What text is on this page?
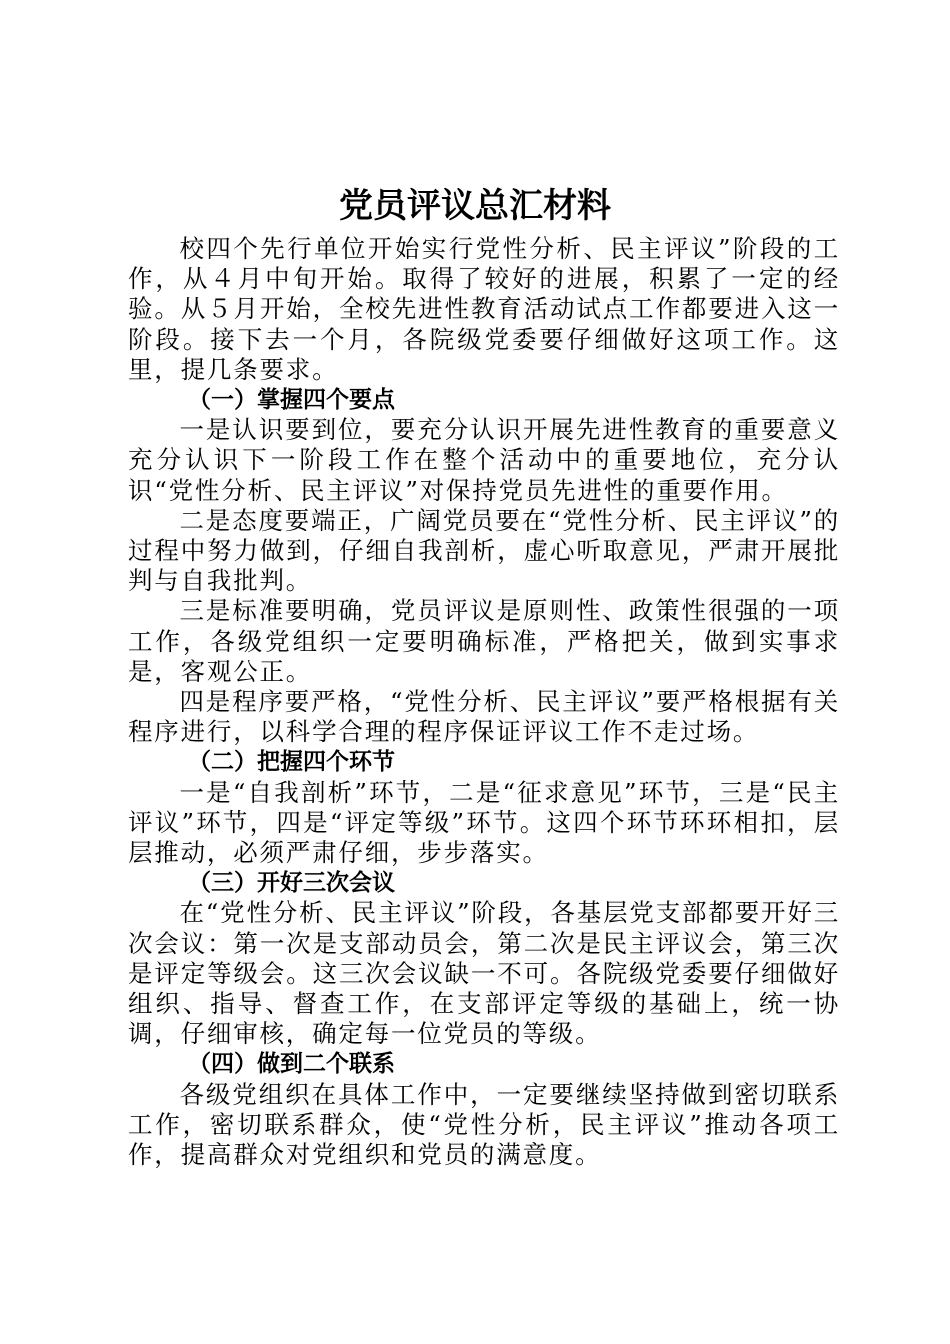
党员评议总汇材料

校四个先行单位开始实行党性分析、民主评议”阶段的工作，从４月中旬开始。取得了较好的进展，积累了一定的经验。从５月开始，全校先进性教育活动试点工作都要进入这一阶段。接下去一个月，各院级党委要仔细做好这项工作。这里，提几条要求。

（一）掌握四个要点

一是认识要到位，要充分认识开展先进性教育的重要意义充分认识下一阶段工作在整个活动中的重要地位，充分认识“党性分析、民主评议”对保持党员先进性的重要作用。

二是态度要端正，广阔党员要在“党性分析、民主评议”的过程中努力做到，仔细自我剖析，虚心听取意见，严肃开展批判与自我批判。

三是标准要明确，党员评议是原则性、政策性很强的一项工作，各级党组织一定要明确标准，严格把关，做到实事求是，客观公正。

四是程序要严格，“党性分析、民主评议”要严格根据有关程序进行，以科学合理的程序保证评议工作不走过场。

（二）把握四个环节

一是“自我剖析”环节，二是“征求意见”环节，三是“民主评议”环节，四是“评定等级”环节。这四个环节环环相扣，层层推动，必须严肃仔细，步步落实。

（三）开好三次会议

在“党性分析、民主评议”阶段，各基层党支部都要开好三次会议：第一次是支部动员会，第二次是民主评议会，第三次是评定等级会。这三次会议缺一不可。各院级党委要仔细做好组织、指导、督查工作，在支部评定等级的基础上，统一协调，仔细审核，确定每一位党员的等级。

（四）做到二个联系

各级党组织在具体工作中，一定要继续坚持做到密切联系工作，密切联系群众，使“党性分析，民主评议”推动各项工作，提高群众对党组织和党员的满意度。
